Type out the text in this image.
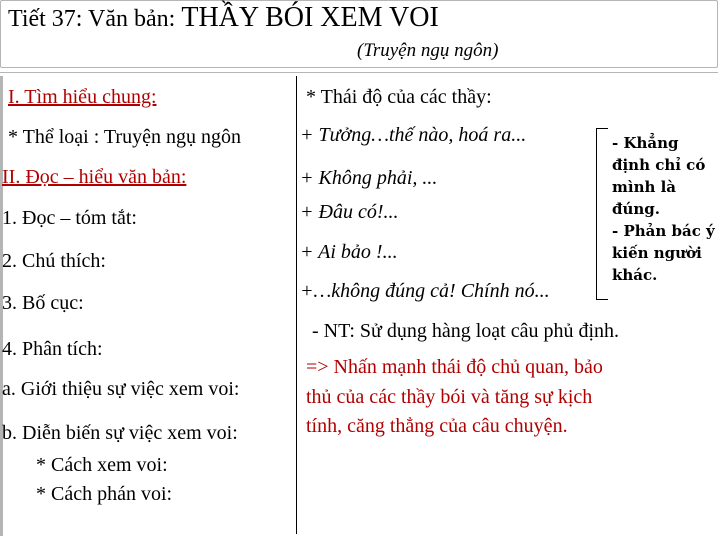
Tiết 37: Văn bản: THẦY BÓI XEM VOI
(Truyện ngụ ngôn)
I. Tìm hiểu chung:
* Thể loại : Truyện ngụ ngôn
II. Đọc – hiểu văn bản:
1. Đọc – tóm tắt:
2. Chú thích:
3. Bố cục:
4. Phân tích:
a. Giới thiệu sự việc xem voi:
b. Diễn biến sự việc xem voi:
* Cách xem voi:
* Cách phán voi:
* Thái độ của các thầy:
+ Tưởng…thế nào, hoá ra...
+ Không phải, ...
+ Đâu có!...
+ Ai bảo !...
+…không đúng cả! Chính nó...
- Khẳng định chỉ có mình là đúng.
- Phản bác ý kiến người khác.
- NT: Sử dụng hàng loạt câu phủ định.
=> Nhấn mạnh thái độ chủ quan, bảo
thủ của các thầy bói và tăng sự kịch
tính, căng thẳng của câu chuyện.
